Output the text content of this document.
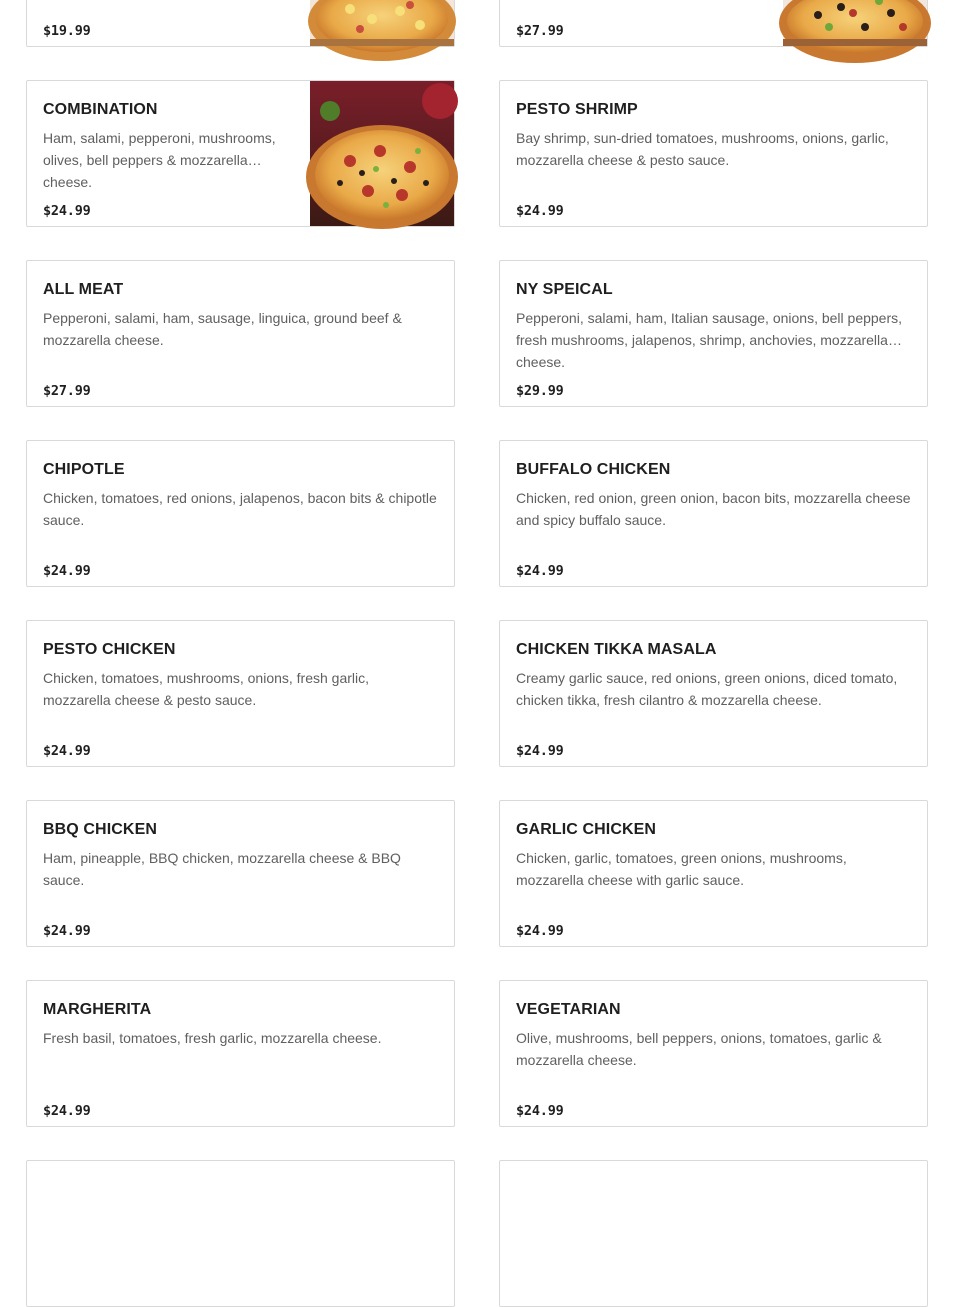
$19.99	$27.99
COMBINATION
Ham, salami, pepperoni, mushrooms, olives, bell peppers & mozzarella cheese.
$24.99
PESTO SHRIMP
Bay shrimp, sun-dried tomatoes, mushrooms, onions, garlic, mozzarella cheese & pesto sauce.
$24.99
ALL MEAT
Pepperoni, salami, ham, sausage, linguica, ground beef & mozzarella cheese.
$27.99
NY SPEICAL
Pepperoni, salami, ham, Italian sausage, onions, bell peppers, fresh mushrooms, jalapenos, shrimp, anchovies, mozzarella cheese.
$29.99
CHIPOTLE
Chicken, tomatoes, red onions, jalapenos, bacon bits & chipotle sauce.
$24.99
BUFFALO CHICKEN
Chicken, red onion, green onion, bacon bits, mozzarella cheese and spicy buffalo sauce.
$24.99
PESTO CHICKEN
Chicken, tomatoes, mushrooms, onions, fresh garlic, mozzarella cheese & pesto sauce.
$24.99
CHICKEN TIKKA MASALA
Creamy garlic sauce, red onions, green onions, diced tomato, chicken tikka, fresh cilantro & mozzarella cheese.
$24.99
BBQ CHICKEN
Ham, pineapple, BBQ chicken, mozzarella cheese & BBQ sauce.
$24.99
GARLIC CHICKEN
Chicken, garlic, tomatoes, green onions, mushrooms, mozzarella cheese with garlic sauce.
$24.99
MARGHERITA
Fresh basil, tomatoes, fresh garlic, mozzarella cheese.
$24.99
VEGETARIAN
Olive, mushrooms, bell peppers, onions, tomatoes, garlic & mozzarella cheese.
$24.99
